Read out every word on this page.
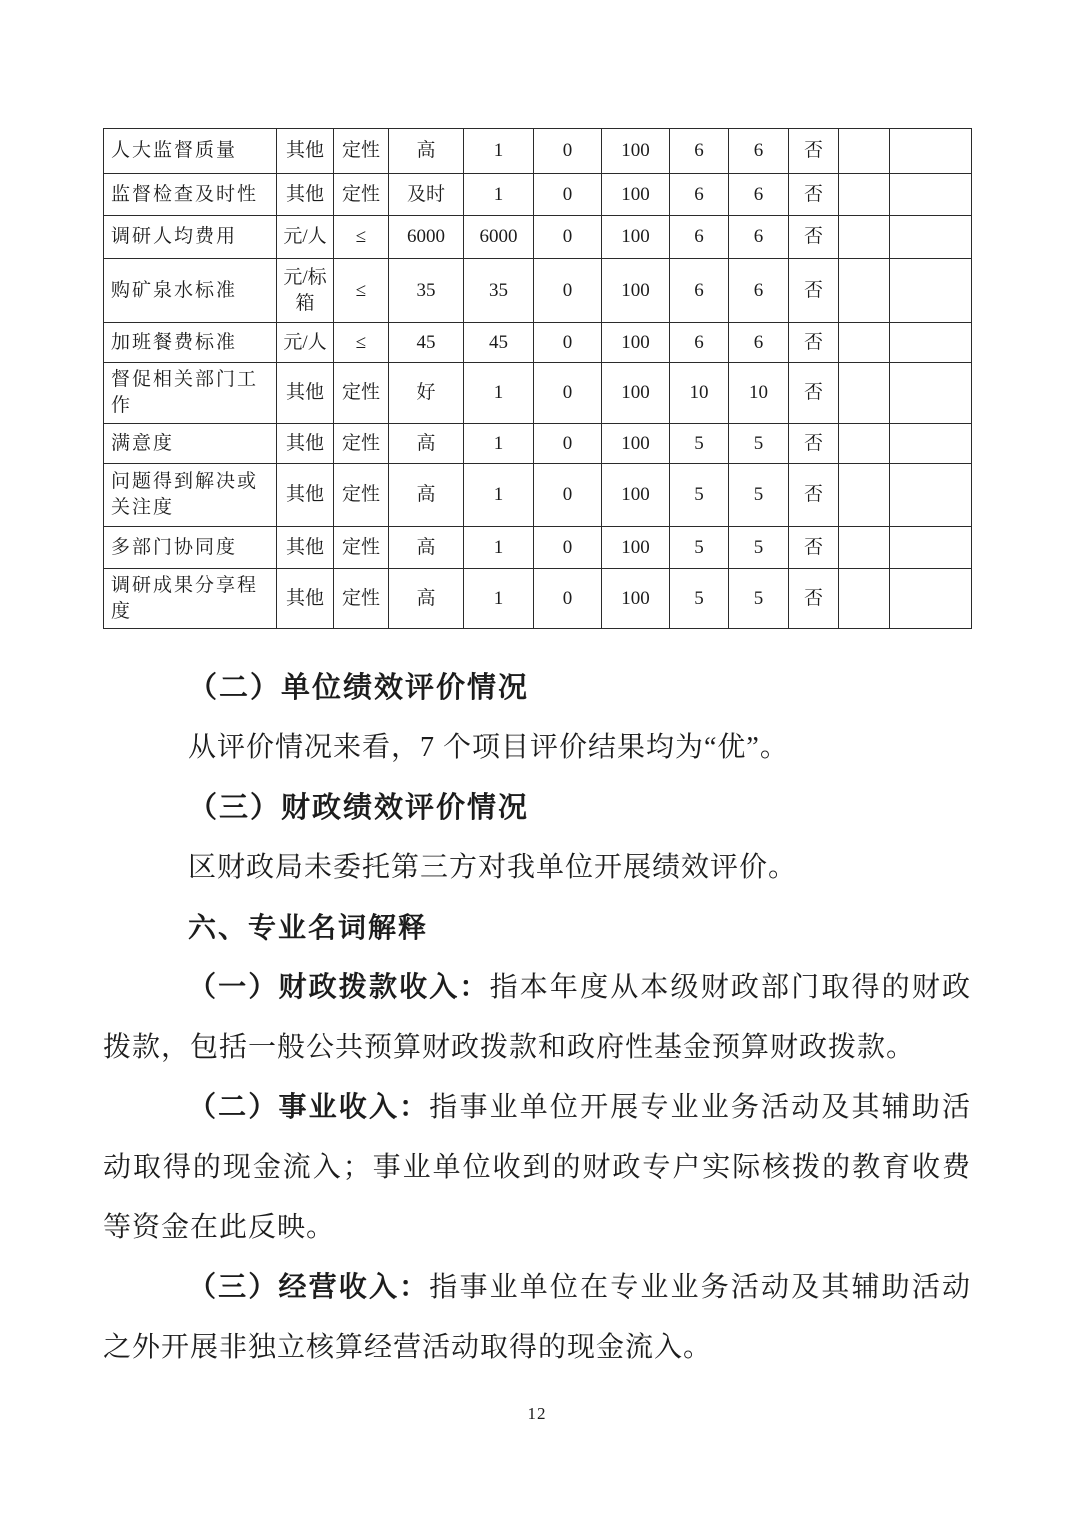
人大监督质量	其他	定性	高	1	0	100	6	6	否		
监督检查及时性	其他	定性	及时	1	0	100	6	6	否		
调研人均费用	元/人	≤	6000	6000	0	100	6	6	否		
购矿泉水标准	元/标箱	≤	35	35	0	100	6	6	否		
加班餐费标准	元/人	≤	45	45	0	100	6	6	否		
督促相关部门工作	其他	定性	好	1	0	100	10	10	否		
满意度	其他	定性	高	1	0	100	5	5	否		
问题得到解决或关注度	其他	定性	高	1	0	100	5	5	否		
多部门协同度	其他	定性	高	1	0	100	5	5	否		
调研成果分享程度	其他	定性	高	1	0	100	5	5	否		

（二）单位绩效评价情况

从评价情况来看，7 个项目评价结果均为“优”。

（三）财政绩效评价情况

区财政局未委托第三方对我单位开展绩效评价。

六、专业名词解释

（一）财政拨款收入：指本年度从本级财政部门取得的财政拨款，包括一般公共预算财政拨款和政府性基金预算财政拨款。

（二）事业收入：指事业单位开展专业业务活动及其辅助活动取得的现金流入；事业单位收到的财政专户实际核拨的教育收费等资金在此反映。

（三）经营收入：指事业单位在专业业务活动及其辅助活动之外开展非独立核算经营活动取得的现金流入。

12
